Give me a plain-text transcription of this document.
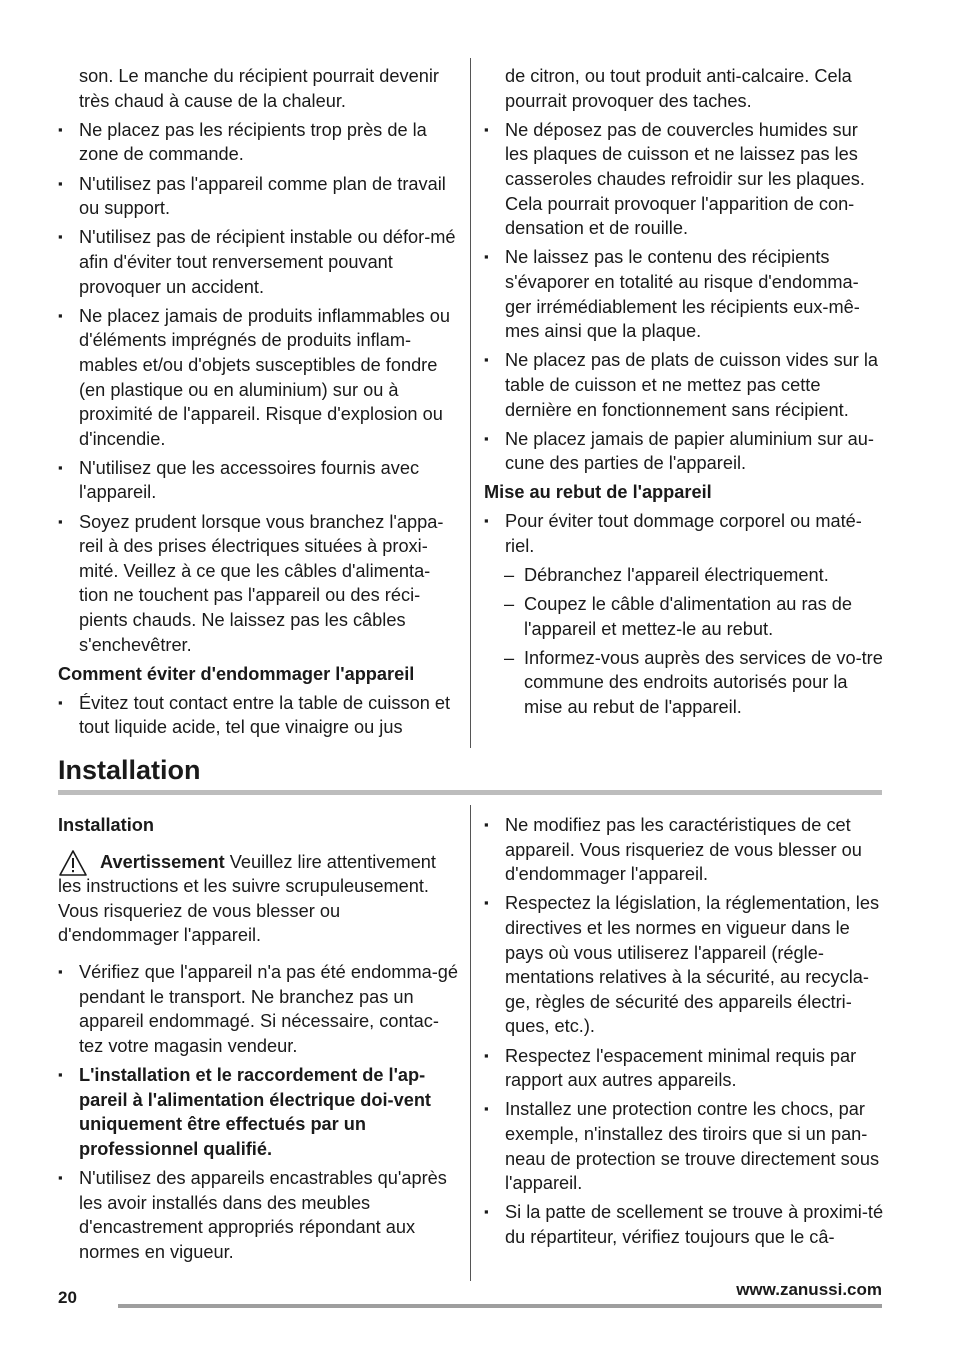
son. Le manche du récipient pourrait devenir très chaud à cause de la chaleur.

▪ Ne placez pas les récipients trop près de la zone de commande.
▪ N'utilisez pas l'appareil comme plan de travail ou support.
▪ N'utilisez pas de récipient instable ou défor-mé afin d'éviter tout renversement pouvant provoquer un accident.
▪ Ne placez jamais de produits inflammables ou d'éléments imprégnés de produits inflam-mables et/ou d'objets susceptibles de fondre (en plastique ou en aluminium) sur ou à proximité de l'appareil. Risque d'explosion ou d'incendie.
▪ N'utilisez que les accessoires fournis avec l'appareil.
▪ Soyez prudent lorsque vous branchez l'appa-reil à des prises électriques situées à proxi-mité. Veillez à ce que les câbles d'alimenta-tion ne touchent pas l'appareil ou des réci-pients chauds. Ne laissez pas les câbles s'enchevêtrer.

Comment éviter d'endommager l'appareil

▪ Évitez tout contact entre la table de cuisson et tout liquide acide, tel que vinaigre ou jus

de citron, ou tout produit anti-calcaire. Cela pourrait provoquer des taches.

▪ Ne déposez pas de couvercles humides sur les plaques de cuisson et ne laissez pas les casseroles chaudes refroidir sur les plaques. Cela pourrait provoquer l'apparition de con-densation et de rouille.
▪ Ne laissez pas le contenu des récipients s'évaporer en totalité au risque d'endomma-ger irrémédiablement les récipients eux-mê-mes ainsi que la plaque.
▪ Ne placez pas de plats de cuisson vides sur la table de cuisson et ne mettez pas cette dernière en fonctionnement sans récipient.
▪ Ne placez jamais de papier aluminium sur au-cune des parties de l'appareil.

Mise au rebut de l'appareil

▪ Pour éviter tout dommage corporel ou maté-riel.
– Débranchez l'appareil électriquement.
– Coupez le câble d'alimentation au ras de l'appareil et mettez-le au rebut.
– Informez-vous auprès des services de vo-tre commune des endroits autorisés pour la mise au rebut de l'appareil.
Installation

Installation

Avertissement Veuillez lire attentivement les instructions et les suivre scrupuleusement. Vous risqueriez de vous blesser ou d'endommager l'appareil.

▪ Vérifiez que l'appareil n'a pas été endomma-gé pendant le transport. Ne branchez pas un appareil endommagé. Si nécessaire, contac-tez votre magasin vendeur.
▪ L'installation et le raccordement de l'ap-pareil à l'alimentation électrique doi-vent uniquement être effectués par un professionnel qualifié.
▪ N'utilisez des appareils encastrables qu'après les avoir installés dans des meubles d'encastrement appropriés répondant aux normes en vigueur.
▪ Ne modifiez pas les caractéristiques de cet appareil. Vous risqueriez de vous blesser ou d'endommager l'appareil.
▪ Respectez la législation, la réglementation, les directives et les normes en vigueur dans le pays où vous utiliserez l'appareil (régle-mentations relatives à la sécurité, au recycla-ge, règles de sécurité des appareils électri-ques, etc.).
▪ Respectez l'espacement minimal requis par rapport aux autres appareils.
▪ Installez une protection contre les chocs, par exemple, n'installez des tiroirs que si un pan-neau de protection se trouve directement sous l'appareil.
▪ Si la patte de scellement se trouve à proximi-té du répartiteur, vérifiez toujours que le câ-
20	www.zanussi.com
